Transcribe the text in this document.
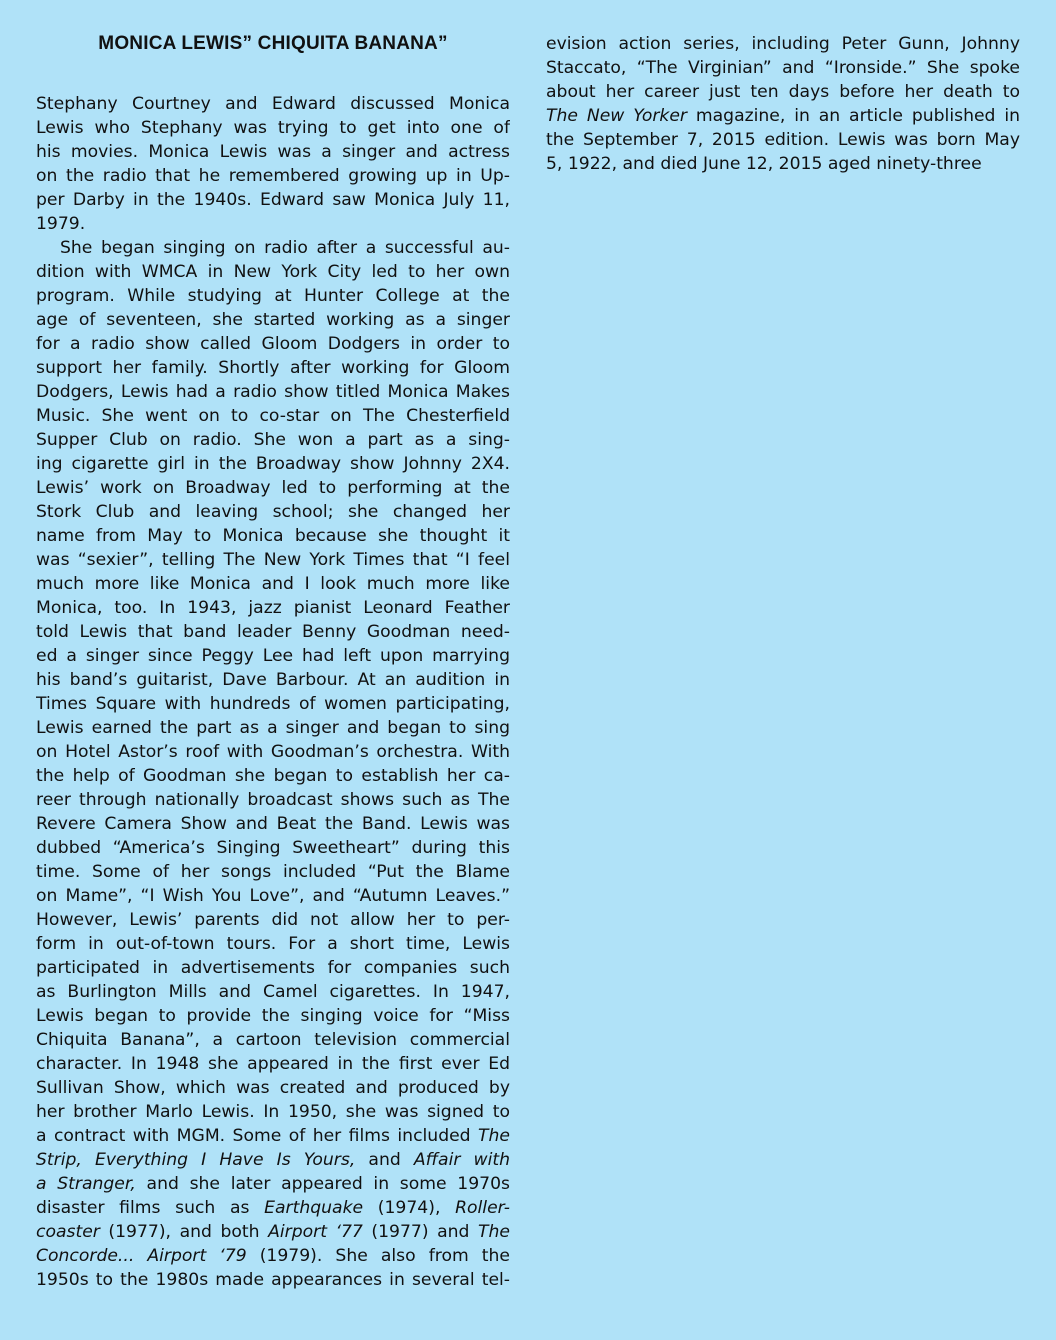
MONICA LEWIS” CHIQUITA BANANA”
Stephany Courtney and Edward discussed Monica
Lewis who Stephany was trying to get into one of
his movies. Monica Lewis was a singer and actress
on the radio that he remembered growing up in Up-
per Darby in the 1940s. Edward saw Monica July 11,
1979.
She began singing on radio after a successful au-
dition with WMCA in New York City led to her own
program. While studying at Hunter College at the
age of seventeen, she started working as a singer
for a radio show called Gloom Dodgers in order to
support her family. Shortly after working for Gloom
Dodgers, Lewis had a radio show titled Monica Makes
Music. She went on to co-star on The Chesterfield
Supper Club on radio. She won a part as a sing-
ing cigarette girl in the Broadway show Johnny 2X4.
Lewis’ work on Broadway led to performing at the
Stork Club and leaving school; she changed her
name from May to Monica because she thought it
was “sexier”, telling The New York Times that “I feel
much more like Monica and I look much more like
Monica, too. In 1943, jazz pianist Leonard Feather
told Lewis that band leader Benny Goodman need-
ed a singer since Peggy Lee had left upon marrying
his band’s guitarist, Dave Barbour. At an audition in
Times Square with hundreds of women participating,
Lewis earned the part as a singer and began to sing
on Hotel Astor’s roof with Goodman’s orchestra. With
the help of Goodman she began to establish her ca-
reer through nationally broadcast shows such as The
Revere Camera Show and Beat the Band. Lewis was
dubbed “America’s Singing Sweetheart” during this
time. Some of her songs included “Put the Blame
on Mame”, “I Wish You Love”, and “Autumn Leaves.”
However, Lewis’ parents did not allow her to per-
form in out-of-town tours. For a short time, Lewis
participated in advertisements for companies such
as Burlington Mills and Camel cigarettes. In 1947,
Lewis began to provide the singing voice for “Miss
Chiquita Banana”, a cartoon television commercial
character. In 1948 she appeared in the first ever Ed
Sullivan Show, which was created and produced by
her brother Marlo Lewis. In 1950, she was signed to
a contract with MGM. Some of her films included The
Strip, Everything I Have Is Yours, and Affair with
a Stranger, and she later appeared in some 1970s
disaster films such as Earthquake (1974), Roller-
coaster (1977), and both Airport ‘77 (1977) and The
Concorde... Airport ‘79 (1979). She also from the
1950s to the 1980s made appearances in several tel-
evision action series, including Peter Gunn, Johnny
Staccato, “The Virginian” and “Ironside.” She spoke
about her career just ten days before her death to
The New Yorker magazine, in an article published in
the September 7, 2015 edition. Lewis was born May
5, 1922, and died June 12, 2015 aged ninety-three
